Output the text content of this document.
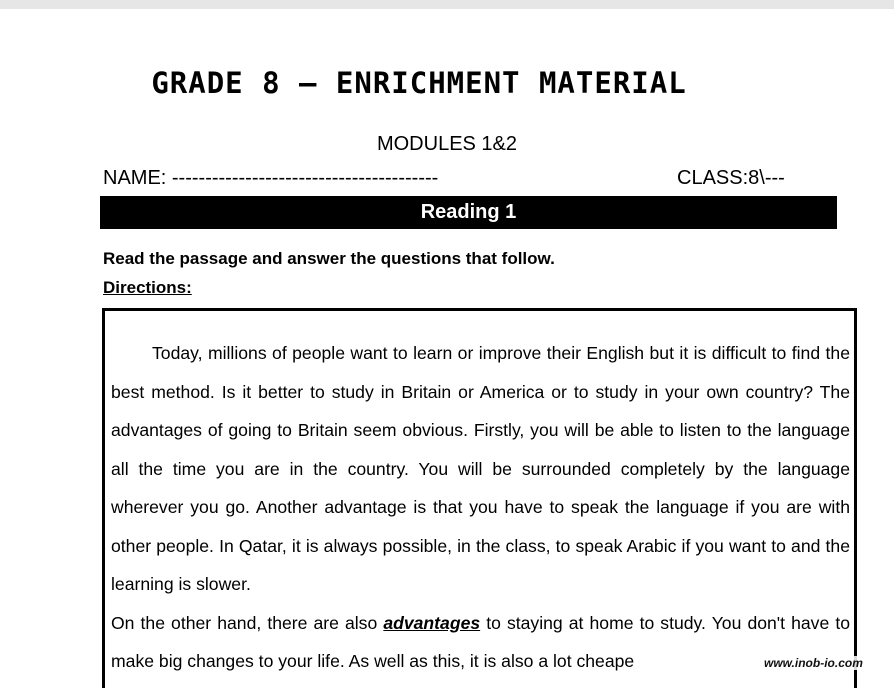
GRADE 8 – ENRICHMENT MATERIAL
MODULES 1&2
NAME: ----------------------------------------	CLASS:8\---
Reading 1
Read the passage and answer the questions that follow.
Directions:

Today, millions of people want to learn or improve their English but it is difficult to find the best method. Is it better to study in Britain or America or to study in your own country? The advantages of going to Britain seem obvious. Firstly, you will be able to listen to the language all the time you are in the country. You will be surrounded completely by the language wherever you go. Another advantage is that you have to speak the language if you are with other people. In Qatar, it is always possible, in the class, to speak Arabic if you want to and the learning is slower.

On the other hand, there are also advantages to staying at home to study. You don't have to make big changes to your life. As well as this, it is also a lot cheape	www.inob-io.com
